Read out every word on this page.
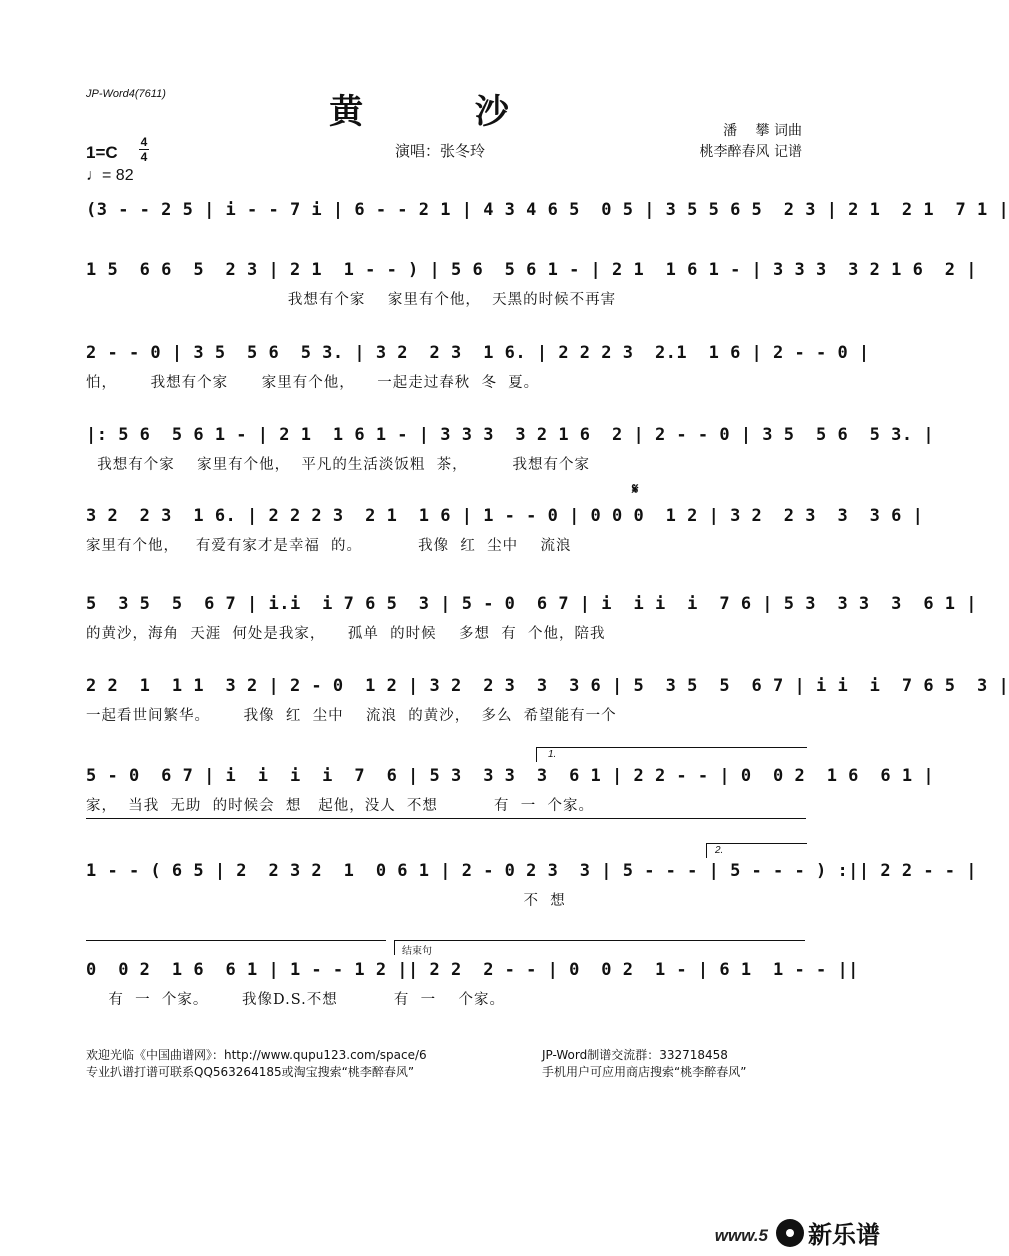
JP-Word4(7611)	黄 沙
演唱：张冬玲
潘 　攀 词曲
桃李醉春风 记谱
1=C
4
4
♩= 82
𝄋
(3 - - 2 5 | i - - 7 i | 6 - - 2 1 | 4 3 4 6 5  0 5 | 3 5 5 6 5  2 3 | 2 1  2 1  7 1 |
1 5  6 6  5  2 3 | 2 1  1 - - ) | 5 6  5 6 1 - | 2 1  1 6 1 - | 3 3 3  3 2 1 6  2 |
我想有个家    家里有个他，  天黑的时候不再害
2 - - 0 | 3 5  5 6  5 3. | 3 2  2 3  1 6. | 2 2 2 3  2.1  1 6 | 2 - - 0 |
怕，      我想有个家      家里有个他，    一起走过春秋  冬  夏。
|: 5 6  5 6 1 - | 2 1  1 6 1 - | 3 3 3  3 2 1 6  2 | 2 - - 0 | 3 5  5 6  5 3. |
我想有个家    家里有个他，  平凡的生活淡饭粗  茶，        我想有个家
3 2  2 3  1 6. | 2 2 2 3  2 1  1 6 | 1 - - 0 | 0 0 0  1 2 | 3 2  2 3  3  3 6 |
家里有个他，   有爱有家才是幸福  的。          我像  红  尘中    流浪
5  3 5  5  6 7 | i.i  i 7 6 5  3 | 5 - 0  6 7 | i  i i  i  7 6 | 5 3  3 3  3  6 1 |
的黄沙，海角  天涯  何处是我家，    孤单  的时候    多想  有  个他，陪我
2 2  1  1 1  3 2 | 2 - 0  1 2 | 3 2  2 3  3  3 6 | 5  3 5  5  6 7 | i i  i  7 6 5  3 |
一起看世间繁华。      我像  红  尘中    流浪  的黄沙，  多么  希望能有一个
5 - 0  6 7 | i  i  i  i  7  6 | 5 3  3 3  3  6 1 | 2 2 - - | 0  0 2  1 6  6 1 |
家，  当我  无助  的时候会  想   起他，没人  不想          有  一  个家。
1 - - ( 6 5 | 2  2 3 2  1  0 6 1 | 2 - 0 2 3  3 | 5 - - - | 5 - - - ) :|| 2 2 - - |
不  想
0  0 2  1 6  6 1 | 1 - - 1 2 || 2 2  2 - - | 0  0 2  1 - | 6 1  1 - - ||
有  一  个家。      我像D.S.不想          有  一    个家。
1.
2.
结束句
欢迎光临《中国曲谱网》：http://www.qupu123.com/space/6
专业扒谱打谱可联系QQ563264185或淘宝搜索“桃李醉春风”
JP-Word制谱交流群：332718458
手机用户可应用商店搜索“桃李醉春风”
www.5 新乐谱
